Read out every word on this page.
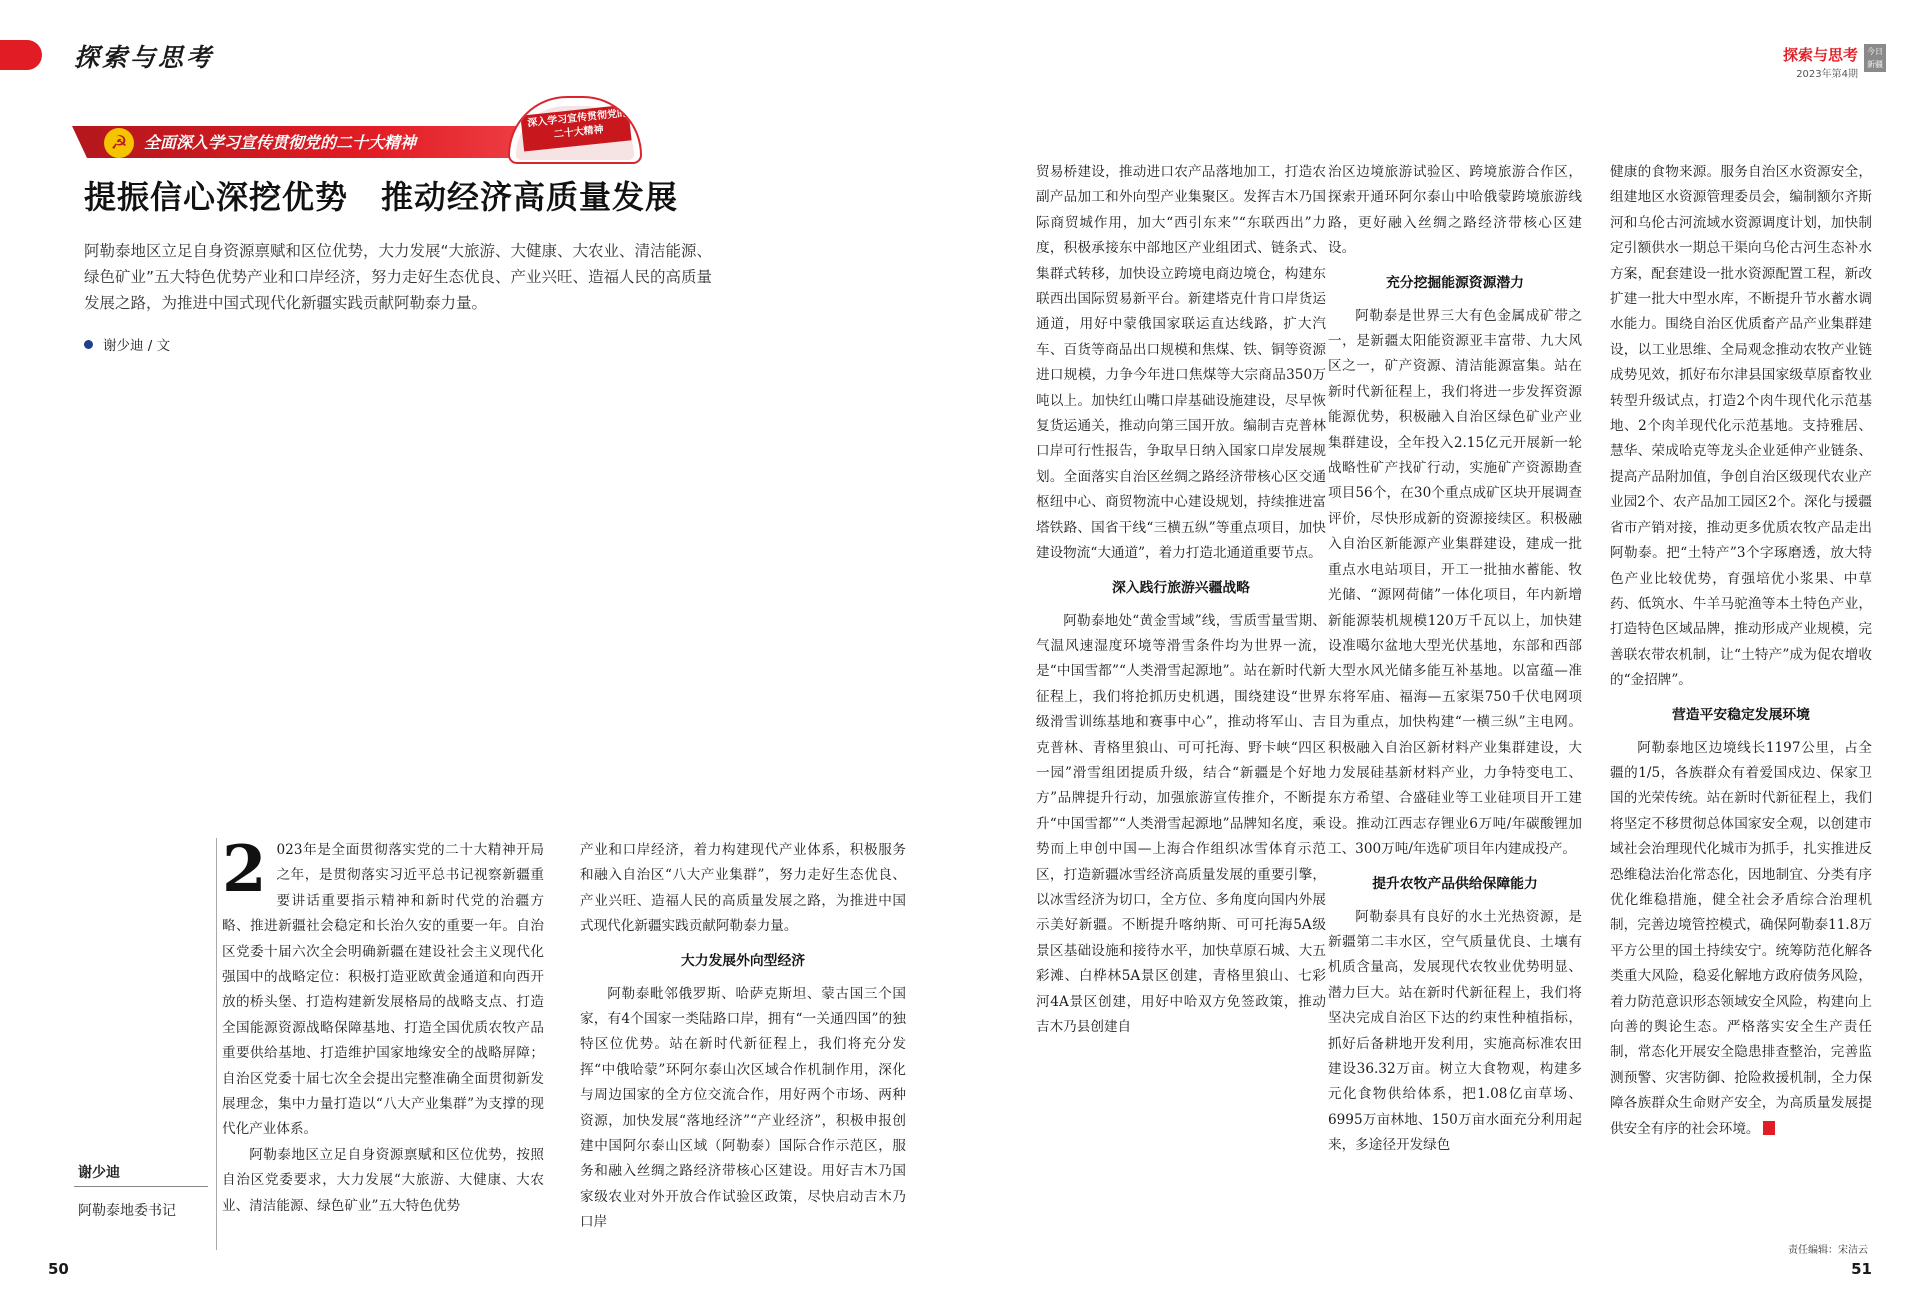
探索与思考	探索与思考
2023年第4期
今日新疆
☭	全面深入学习宣传贯彻党的二十大精神
深入学习宣传贯彻党的二十大精神
提振信心深挖优势　推动经济高质量发展
阿勒泰地区立足自身资源禀赋和区位优势，大力发展“大旅游、大健康、大农业、清洁能源、绿色矿业”五大特色优势产业和口岸经济，努力走好生态优良、产业兴旺、造福人民的高质量发展之路，为推进中国式现代化新疆实践贡献阿勒泰力量。
谢少迪 / 文
谢少迪
阿勒泰地委书记

2 023年是全面贯彻落实党的二十大精神开局之年，是贯彻落实习近平总书记视察新疆重要讲话重要指示精神和新时代党的治疆方略、推进新疆社会稳定和长治久安的重要一年。自治区党委十届六次全会明确新疆在建设社会主义现代化强国中的战略定位：积极打造亚欧黄金通道和向西开放的桥头堡、打造构建新发展格局的战略支点、打造全国能源资源战略保障基地、打造全国优质农牧产品重要供给基地、打造维护国家地缘安全的战略屏障；自治区党委十届七次全会提出完整准确全面贯彻新发展理念，集中力量打造以“八大产业集群”为支撑的现代化产业体系。

阿勒泰地区立足自身资源禀赋和区位优势，按照自治区党委要求，大力发展“大旅游、大健康、大农业、清洁能源、绿色矿业”五大特色优势

产业和口岸经济，着力构建现代产业体系，积极服务和融入自治区“八大产业集群”，努力走好生态优良、产业兴旺、造福人民的高质量发展之路，为推进中国式现代化新疆实践贡献阿勒泰力量。

大力发展外向型经济

阿勒泰毗邻俄罗斯、哈萨克斯坦、蒙古国三个国家，有4个国家一类陆路口岸，拥有“一关通四国”的独特区位优势。站在新时代新征程上，我们将充分发挥“中俄哈蒙”环阿尔泰山次区域合作机制作用，深化与周边国家的全方位交流合作，用好两个市场、两种资源，加快发展“落地经济”“产业经济”，积极申报创建中国阿尔泰山区域（阿勒泰）国际合作示范区，服务和融入丝绸之路经济带核心区建设。用好吉木乃国家级农业对外开放合作试验区政策，尽快启动吉木乃口岸

贸易桥建设，推动进口农产品落地加工，打造农副产品加工和外向型产业集聚区。发挥吉木乃国际商贸城作用，加大“西引东来”“东联西出”力度，积极承接东中部地区产业组团式、链条式、集群式转移，加快设立跨境电商边境仓，构建东联西出国际贸易新平台。新建塔克什肯口岸货运通道，用好中蒙俄国家联运直达线路，扩大汽车、百货等商品出口规模和焦煤、铁、铜等资源进口规模，力争今年进口焦煤等大宗商品350万吨以上。加快红山嘴口岸基础设施建设，尽早恢复货运通关，推动向第三国开放。编制吉克普林口岸可行性报告，争取早日纳入国家口岸发展规划。全面落实自治区丝绸之路经济带核心区交通枢纽中心、商贸物流中心建设规划，持续推进富塔铁路、国省干线“三横五纵”等重点项目，加快建设物流“大通道”，着力打造北通道重要节点。

深入践行旅游兴疆战略

阿勒泰地处“黄金雪域”线，雪质雪量雪期、气温风速湿度环境等滑雪条件均为世界一流，是“中国雪都”“人类滑雪起源地”。站在新时代新征程上，我们将抢抓历史机遇，围绕建设“世界级滑雪训练基地和赛事中心”，推动将军山、吉克普林、青格里狼山、可可托海、野卡峡“四区一园”滑雪组团提质升级，结合“新疆是个好地方”品牌提升行动，加强旅游宣传推介，不断提升“中国雪都”“人类滑雪起源地”品牌知名度，乘势而上申创中国—上海合作组织冰雪体育示范区，打造新疆冰雪经济高质量发展的重要引擎，以冰雪经济为切口，全方位、多角度向国内外展示美好新疆。不断提升喀纳斯、可可托海5A级景区基础设施和接待水平，加快草原石城、大五彩滩、白桦林5A景区创建，青格里狼山、七彩河4A景区创建，用好中哈双方免签政策，推动吉木乃县创建自

治区边境旅游试验区、跨境旅游合作区，探索开通环阿尔泰山中哈俄蒙跨境旅游线路，更好融入丝绸之路经济带核心区建设。

充分挖掘能源资源潜力

阿勒泰是世界三大有色金属成矿带之一，是新疆太阳能资源亚丰富带、九大风区之一，矿产资源、清洁能源富集。站在新时代新征程上，我们将进一步发挥资源能源优势，积极融入自治区绿色矿业产业集群建设，全年投入2.15亿元开展新一轮战略性矿产找矿行动，实施矿产资源勘查项目56个，在30个重点成矿区块开展调查评价，尽快形成新的资源接续区。积极融入自治区新能源产业集群建设，建成一批重点水电站项目，开工一批抽水蓄能、牧光储、“源网荷储”一体化项目，年内新增新能源装机规模120万千瓦以上，加快建设准噶尔盆地大型光伏基地，东部和西部大型水风光储多能互补基地。以富蕴—准东将军庙、福海—五家渠750千伏电网项目为重点，加快构建“一横三纵”主电网。积极融入自治区新材料产业集群建设，大力发展硅基新材料产业，力争特变电工、东方希望、合盛硅业等工业硅项目开工建设。推动江西志存锂业6万吨/年碳酸锂加工、300万吨/年选矿项目年内建成投产。

提升农牧产品供给保障能力

阿勒泰具有良好的水土光热资源，是新疆第二丰水区，空气质量优良、土壤有机质含量高，发展现代农牧业优势明显、潜力巨大。站在新时代新征程上，我们将坚决完成自治区下达的约束性种植指标，抓好后备耕地开发利用，实施高标准农田建设36.32万亩。树立大食物观，构建多元化食物供给体系，把1.08亿亩草场、6995万亩林地、150万亩水面充分利用起来，多途径开发绿色

健康的食物来源。服务自治区水资源安全，组建地区水资源管理委员会，编制额尔齐斯河和乌伦古河流域水资源调度计划，加快制定引额供水一期总干渠向乌伦古河生态补水方案，配套建设一批水资源配置工程，新改扩建一批大中型水库，不断提升节水蓄水调水能力。围绕自治区优质畜产品产业集群建设，以工业思维、全局观念推动农牧产业链成势见效，抓好布尔津县国家级草原畜牧业转型升级试点，打造2个肉牛现代化示范基地、2个肉羊现代化示范基地。支持雅居、慧华、荣成哈克等龙头企业延伸产业链条、提高产品附加值，争创自治区级现代农业产业园2个、农产品加工园区2个。深化与援疆省市产销对接，推动更多优质农牧产品走出阿勒泰。把“土特产”3个字琢磨透，放大特色产业比较优势，育强培优小浆果、中草药、低筑水、牛羊马驼渔等本土特色产业，打造特色区域品牌，推动形成产业规模，完善联农带农机制，让“土特产”成为促农增收的“金招牌”。

营造平安稳定发展环境

阿勒泰地区边境线长1197公里，占全疆的1/5，各族群众有着爱国戍边、保家卫国的光荣传统。站在新时代新征程上，我们将坚定不移贯彻总体国家安全观，以创建市域社会治理现代化城市为抓手，扎实推进反恐维稳法治化常态化，因地制宜、分类有序优化维稳措施，健全社会矛盾综合治理机制，完善边境管控模式，确保阿勒泰11.8万平方公里的国土持续安宁。统筹防范化解各类重大风险，稳妥化解地方政府债务风险，着力防范意识形态领域安全风险，构建向上向善的舆论生态。严格落实安全生产责任制，常态化开展安全隐患排查整治，完善监测预警、灾害防御、抢险救援机制，全力保障各族群众生命财产安全，为高质量发展提供安全有序的社会环境。

50
责任编辑：宋洁云
51
